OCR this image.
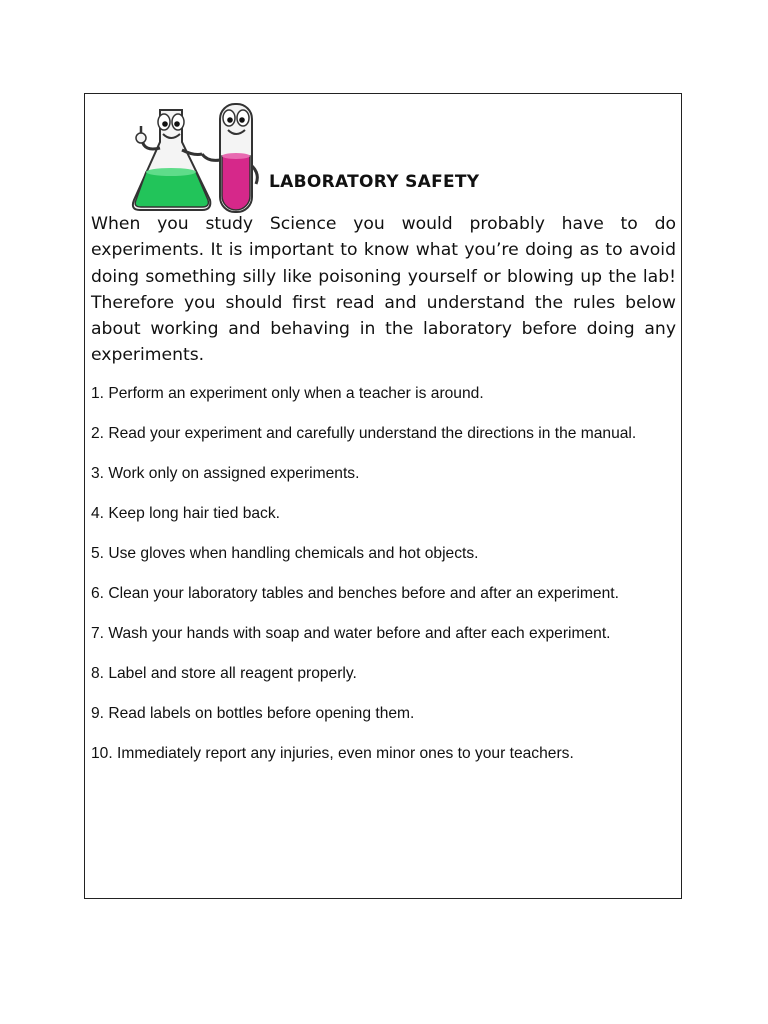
LABORATORY SAFETY

When you study Science you would probably have to do experiments. It is important to know what you’re doing as to avoid doing something silly like poisoning yourself or blowing up the lab! Therefore you should first read and understand the rules below about working and behaving in the laboratory before doing any experiments.

1. Perform an experiment only when a teacher is around.
2. Read your experiment and carefully understand the directions in the manual.
3. Work only on assigned experiments.
4. Keep long hair tied back.
5. Use gloves when handling chemicals and hot objects.
6. Clean your laboratory tables and benches before and after an experiment.
7. Wash your hands with soap and water before and after each experiment.
8. Label and store all reagent properly.
9. Read labels on bottles before opening them.
10. Immediately report any injuries, even minor ones to your teachers.
